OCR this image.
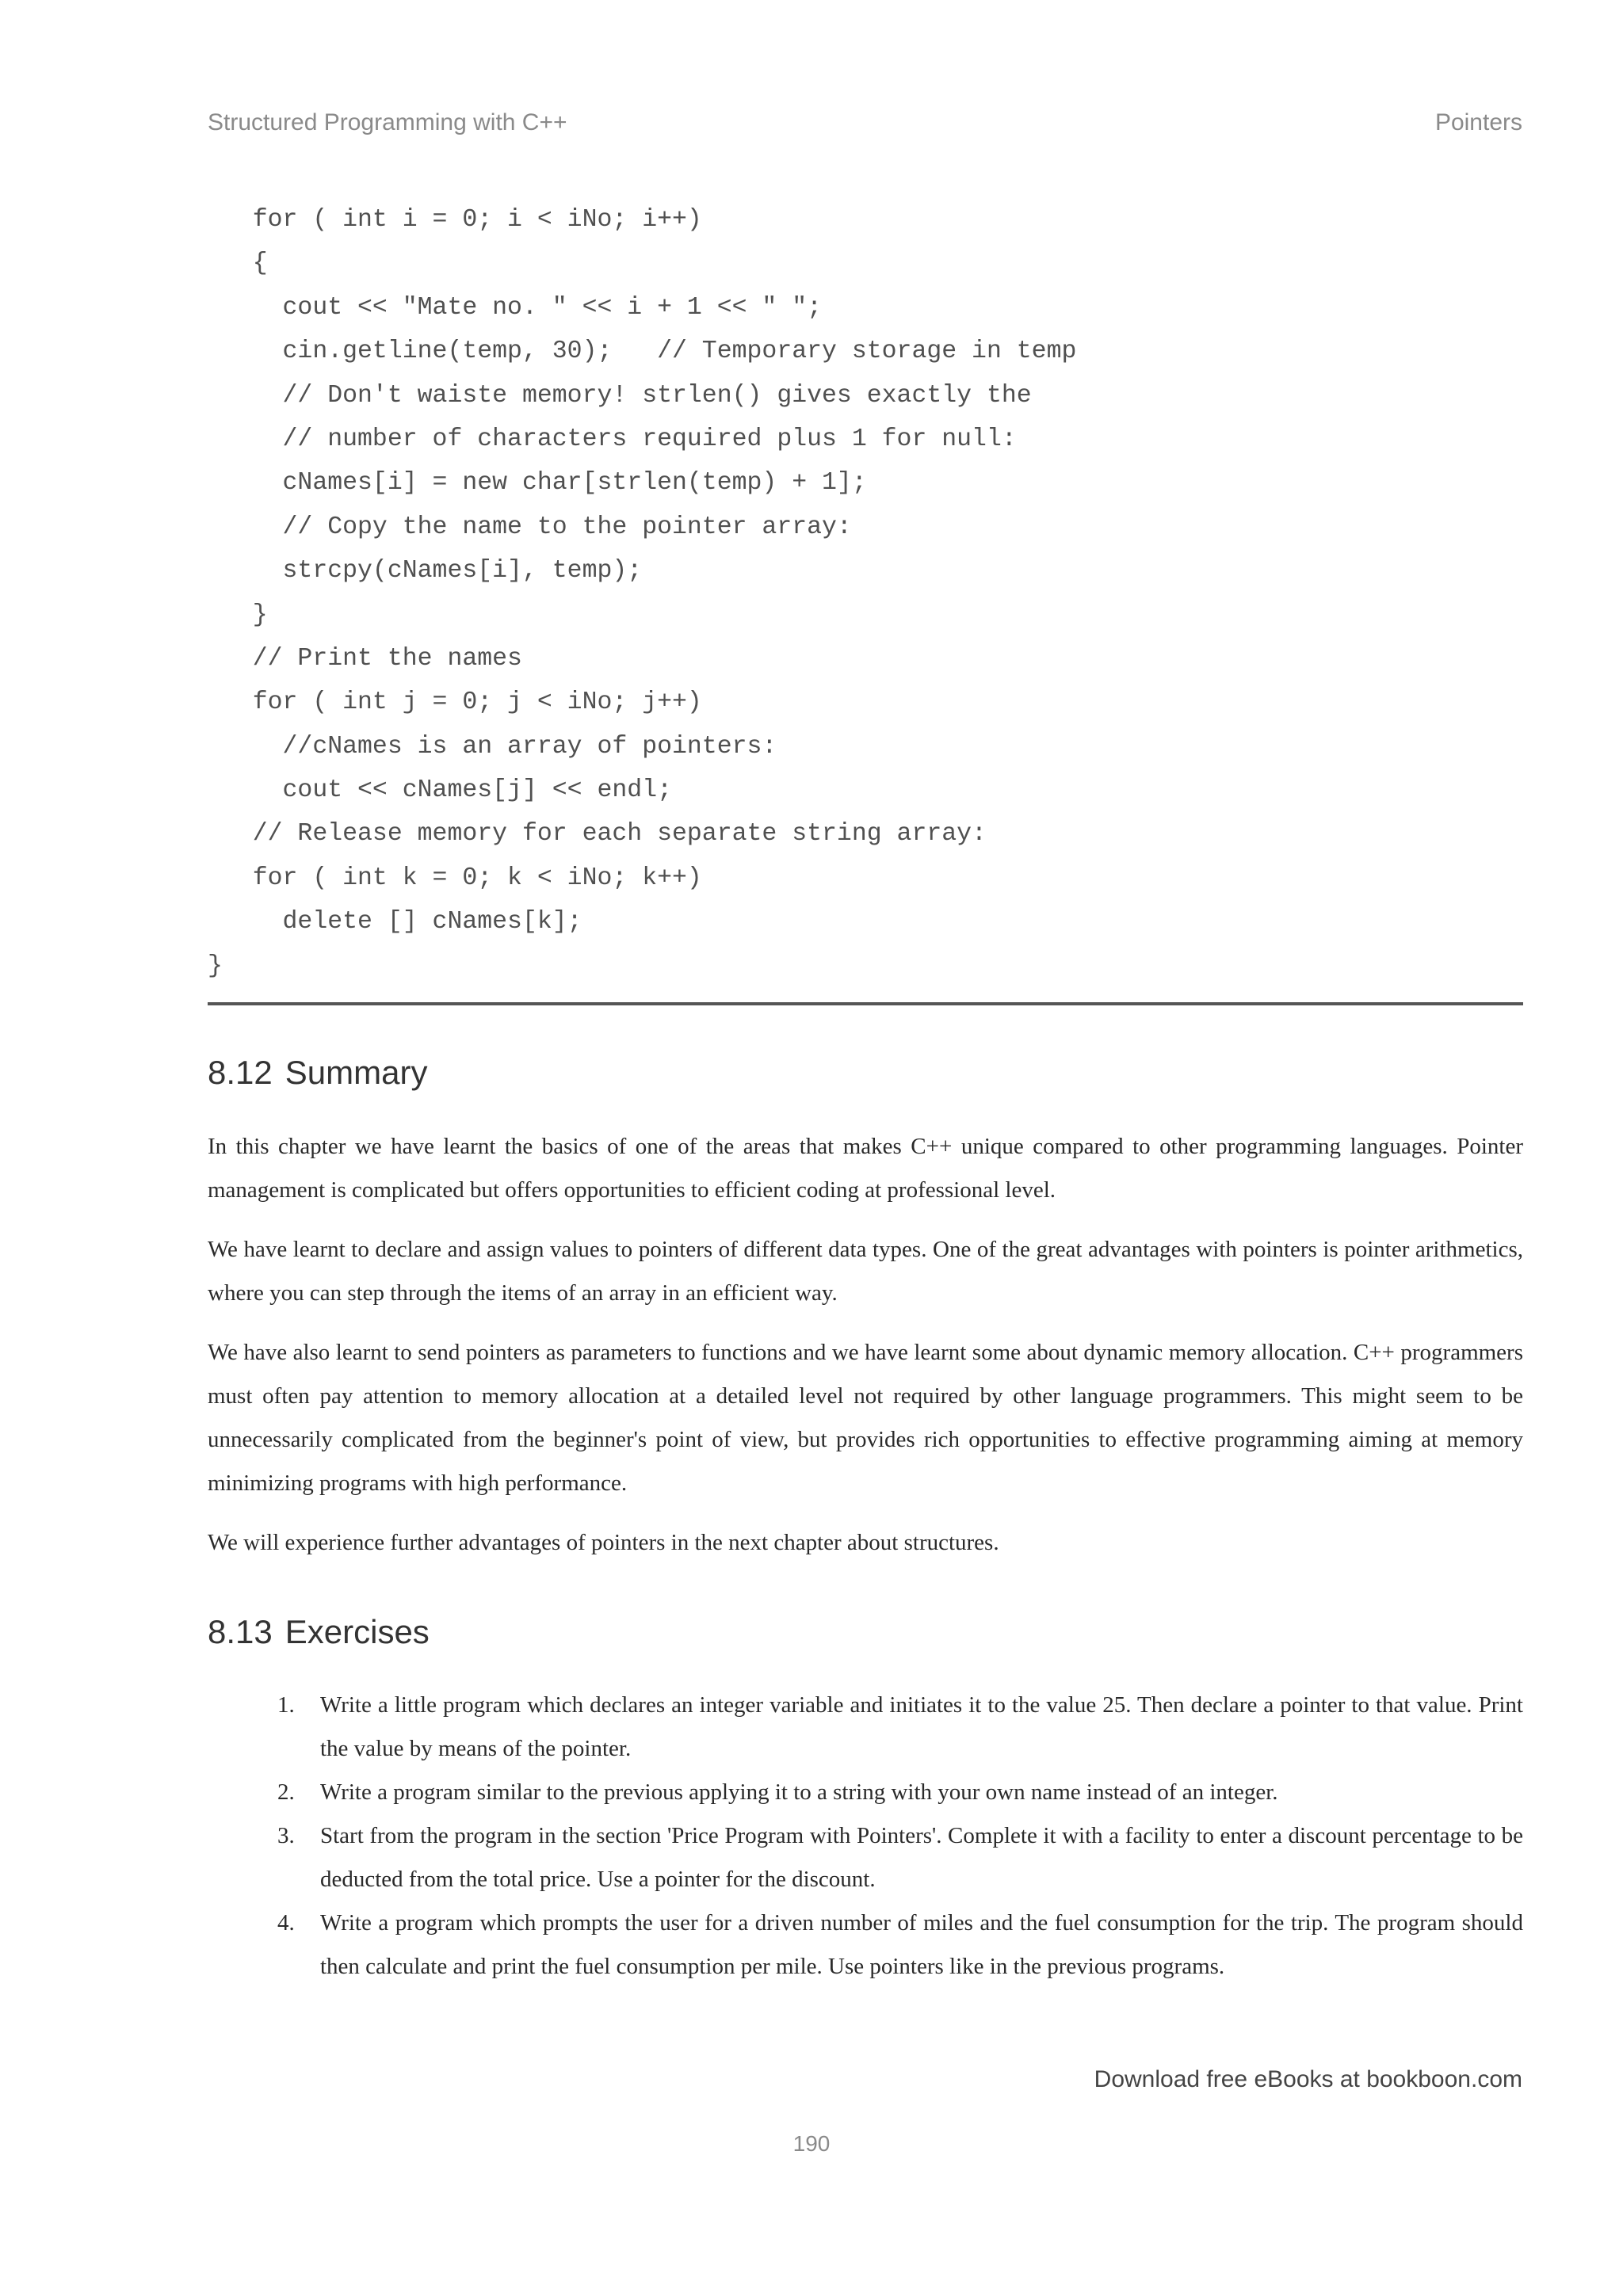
Structured Programming with C++	Pointers
for ( int i = 0; i < iNo; i++)
{
cout << "Mate no. " << i + 1 << " ";
cin.getline(temp, 30);   // Temporary storage in temp
// Don't waiste memory! strlen() gives exactly the
// number of characters required plus 1 for null:
cNames[i] = new char[strlen(temp) + 1];
// Copy the name to the pointer array:
strcpy(cNames[i], temp);
}
// Print the names
for ( int j = 0; j < iNo; j++)
//cNames is an array of pointers:
cout << cNames[j] << endl;
// Release memory for each separate string array:
for ( int k = 0; k < iNo; k++)
delete [] cNames[k];
}
8.12 Summary

In this chapter we have learnt the basics of one of the areas that makes C++ unique compared to other programming languages. Pointer management is complicated but offers opportunities to efficient coding at professional level.

We have learnt to declare and assign values to pointers of different data types. One of the great advantages with pointers is pointer arithmetics, where you can step through the items of an array in an efficient way.

We have also learnt to send pointers as parameters to functions and we have learnt some about dynamic memory allocation. C++ programmers must often pay attention to memory allocation at a detailed level not required by other language programmers. This might seem to be unnecessarily complicated from the beginner's point of view, but provides rich opportunities to effective programming aiming at memory minimizing programs with high performance.

We will experience further advantages of pointers in the next chapter about structures.

8.13 Exercises
1. Write a little program which declares an integer variable and initiates it to the value 25. Then declare a pointer to that value. Print the value by means of the pointer.
2. Write a program similar to the previous applying it to a string with your own name instead of an integer.
3. Start from the program in the section 'Price Program with Pointers'. Complete it with a facility to enter a discount percentage to be deducted from the total price. Use a pointer for the discount.
4. Write a program which prompts the user for a driven number of miles and the fuel consumption for the trip. The program should then calculate and print the fuel consumption per mile. Use pointers like in the previous programs.
Download free eBooks at bookboon.com
190
